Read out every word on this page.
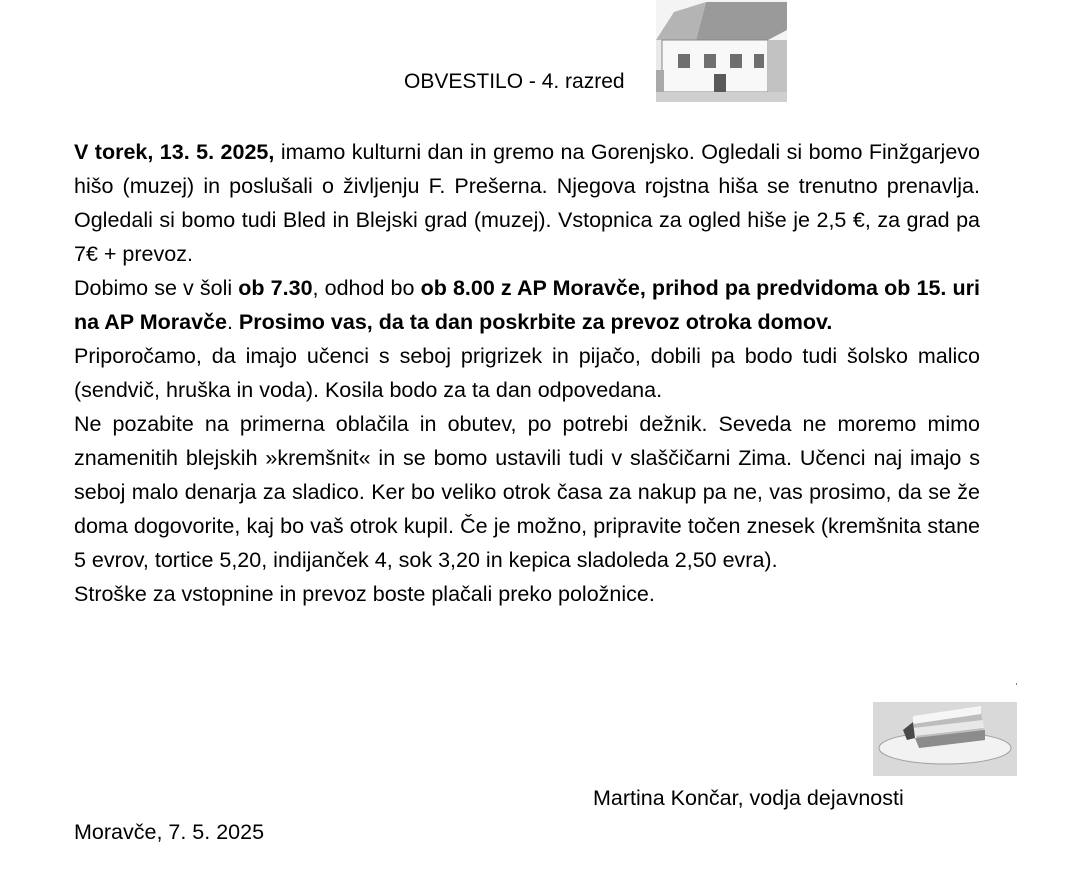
OBVESTILO - 4. razred

V torek, 13. 5. 2025, imamo kulturni dan in gremo na Gorenjsko. Ogledali si bomo Finžgarjevo hišo (muzej) in poslušali o življenju F. Prešerna. Njegova rojstna hiša se trenutno prenavlja. Ogledali si bomo tudi Bled in Blejski grad (muzej). Vstopnica za ogled hiše je 2,5 €, za grad pa 7€ + prevoz.

Dobimo se v šoli ob 7.30, odhod bo ob 8.00 z AP Moravče, prihod pa predvidoma ob 15. uri na AP Moravče. Prosimo vas, da ta dan poskrbite za prevoz otroka domov.

Priporočamo, da imajo učenci s seboj prigrizek in pijačo, dobili pa bodo tudi šolsko malico (sendvič, hruška in voda). Kosila bodo za ta dan odpovedana.

Ne pozabite na primerna oblačila in obutev, po potrebi dežnik. Seveda ne moremo mimo znamenitih blejskih »kremšnit« in se bomo ustavili tudi v slaščičarni Zima. Učenci naj imajo s seboj malo denarja za sladico. Ker bo veliko otrok časa za nakup pa ne, vas prosimo, da se že doma dogovorite, kaj bo vaš otrok kupil. Če je možno, pripravite točen znesek (kremšnita stane 5 evrov, tortice 5,20, indijanček 4, sok 3,20 in kepica sladoleda 2,50 evra).

Stroške za vstopnine in prevoz boste plačali preko položnice.

Martina Končar, vodja dejavnosti
Moravče, 7. 5. 2025
